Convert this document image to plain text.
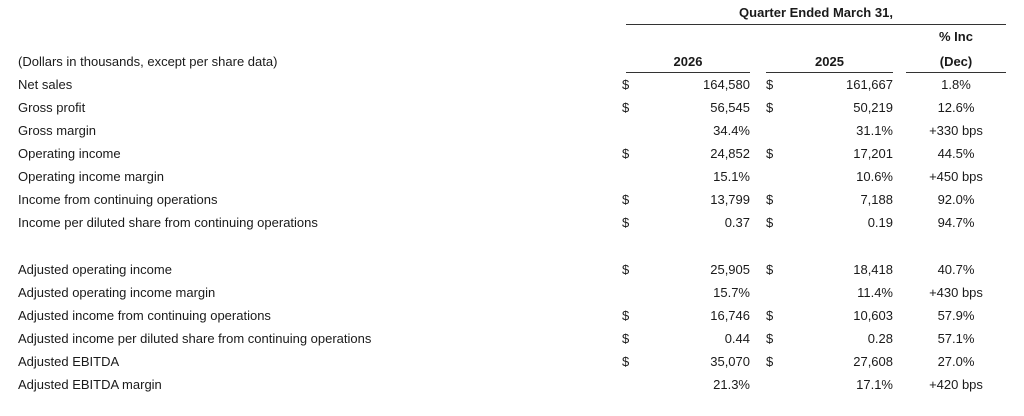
Quarter Ended March 31,
% Inc
(Dollars in thousands, except per share data)	2026	2025	(Dec)
Net sales	$	164,580 $	161,667	1.8%
Gross profit	$	56,545 $	50,219	12.6%
Gross margin	34.4%	31.1%	+330 bps
Operating income	$	24,852 $	17,201	44.5%
Operating income margin	15.1%	10.6%	+450 bps
Income from continuing operations	$	13,799 $	7,188	92.0%
Income per diluted share from continuing operations	$	0.37 $	0.19	94.7%
Adjusted operating income	$	25,905 $	18,418	40.7%
Adjusted operating income margin	15.7%	11.4%	+430 bps
Adjusted income from continuing operations	$	16,746 $	10,603	57.9%
Adjusted income per diluted share from continuing operations	$	0.44 $	0.28	57.1%
Adjusted EBITDA	$	35,070 $	27,608	27.0%
Adjusted EBITDA margin	21.3%	17.1%	+420 bps
